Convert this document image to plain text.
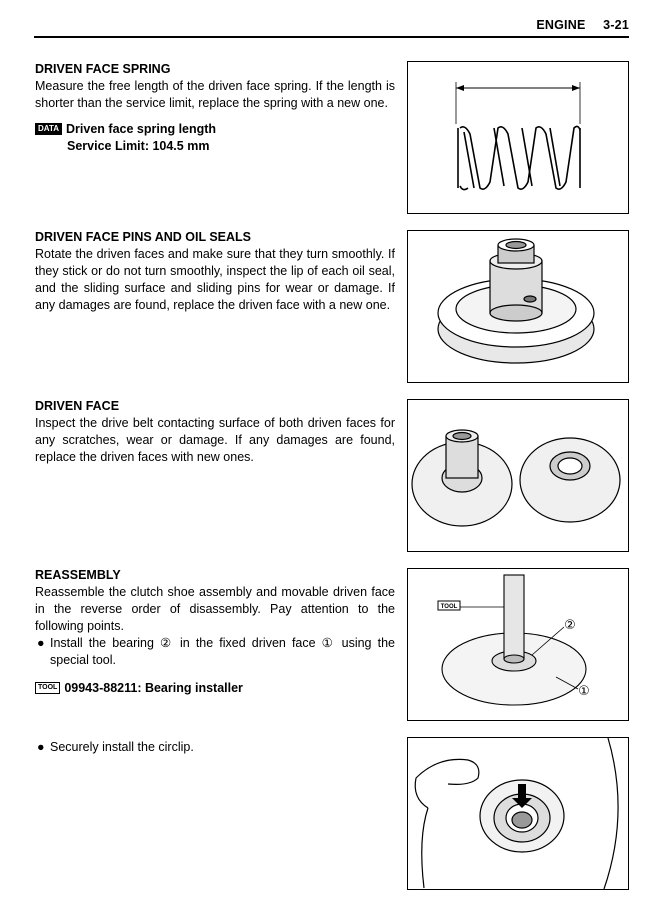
ENGINE 3-21
DRIVEN FACE SPRING

Measure the free length of the driven face spring. If the length is shorter than the service limit, replace the spring with a new one.

DATA Driven face spring length
Service Limit: 104.5 mm
DRIVEN FACE PINS AND OIL SEALS

Rotate the driven faces and make sure that they turn smoothly. If they stick or do not turn smoothly, inspect the lip of each oil seal, and the sliding surface and sliding pins for wear or damage. If any damages are found, replace the driven face with a new one.

DRIVEN FACE

Inspect the drive belt contacting surface of both driven faces for any scratches, wear or damage. If any damages are found, replace the driven faces with new ones.

REASSEMBLY

Reassemble the clutch shoe assembly and movable driven face in the reverse order of disassembly. Pay attention to the following points.

● Install the bearing ② in the fixed driven face ① using the special tool.
TOOL 09943-88211: Bearing installer
● Securely install the circlip.
TOOL
②
①
